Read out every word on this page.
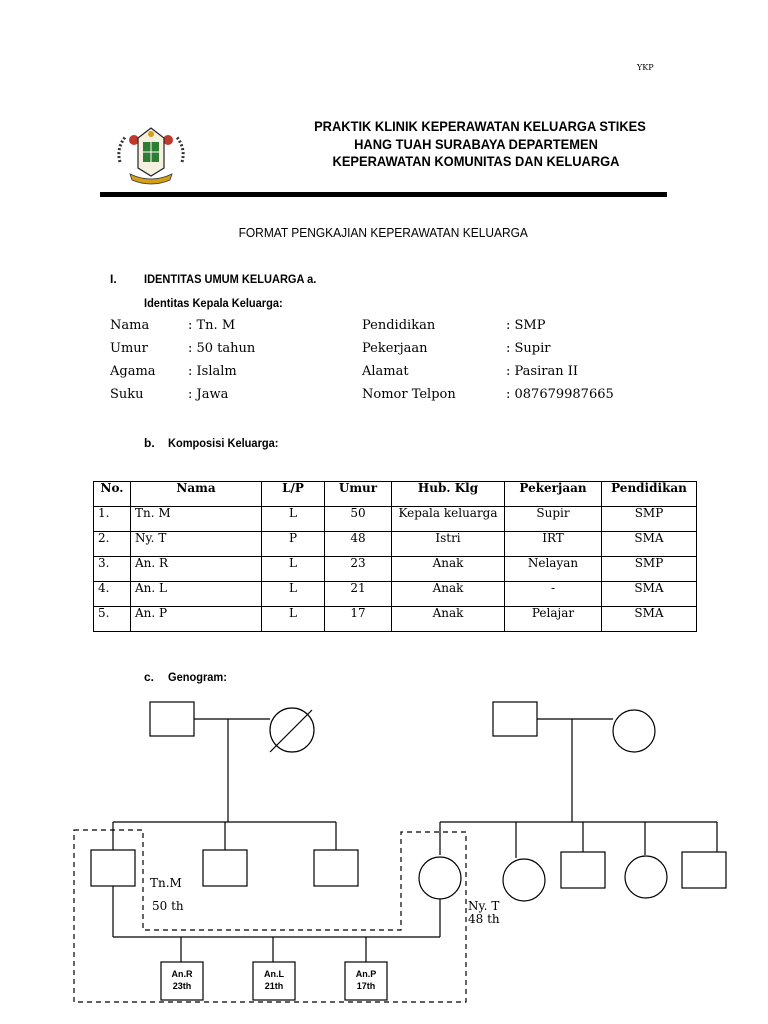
YKP
PRAKTIK KLINIK KEPERAWATAN KELUARGA STIKES
HANG TUAH SURABAYA DEPARTEMEN
KEPERAWATAN KOMUNITAS DAN KELUARGA
FORMAT PENGKAJIAN KEPERAWATAN KELUARGA
I. IDENTITAS UMUM KELUARGA a.
Identitas Kepala Keluarga:
Nama	: Tn. M	Pendidikan	: SMP
Umur	: 50 tahun	Pekerjaan	: Supir
Agama	: Islalm	Alamat	: Pasiran II
Suku	: Jawa	Nomor Telpon	: 087679987665
b. Komposisi Keluarga:
No.	Nama	L/P	Umur	Hub. Klg	Pekerjaan	Pendidikan
1.	Tn. M	L	50	Kepala keluarga	Supir	SMP
2.	Ny. T	P	48	Istri	IRT	SMA
3.	An. R	L	23	Anak	Nelayan	SMP
4.	An. L	L	21	Anak	-	SMA
5.	An. P	L	17	Anak	Pelajar	SMA
c. Genogram:
Tn.M
50 th	Ny. T
48 th
An.R
23th
An.L
21th
An.P
17th
